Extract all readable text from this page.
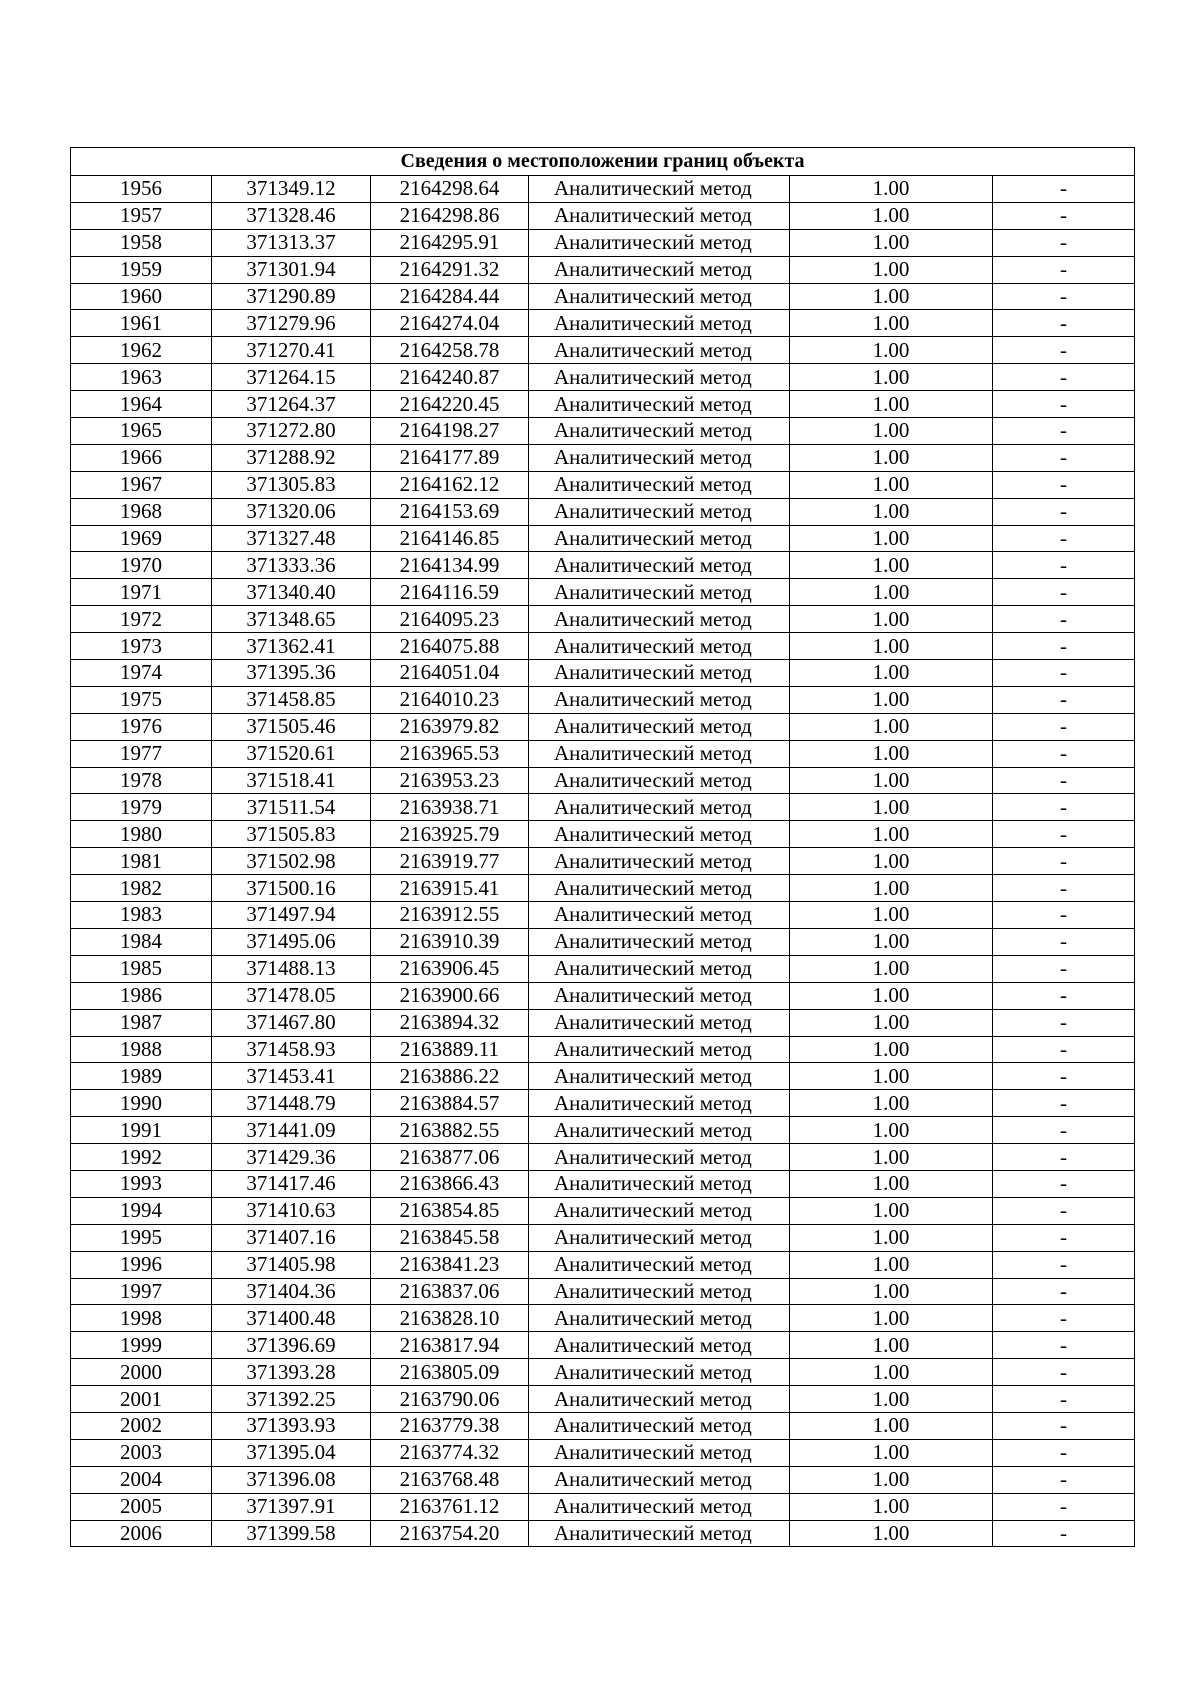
Сведения о местоположении границ объекта					
1956	371349.12	2164298.64	Аналитический метод	1.00	-
1957	371328.46	2164298.86	Аналитический метод	1.00	-
1958	371313.37	2164295.91	Аналитический метод	1.00	-
1959	371301.94	2164291.32	Аналитический метод	1.00	-
1960	371290.89	2164284.44	Аналитический метод	1.00	-
1961	371279.96	2164274.04	Аналитический метод	1.00	-
1962	371270.41	2164258.78	Аналитический метод	1.00	-
1963	371264.15	2164240.87	Аналитический метод	1.00	-
1964	371264.37	2164220.45	Аналитический метод	1.00	-
1965	371272.80	2164198.27	Аналитический метод	1.00	-
1966	371288.92	2164177.89	Аналитический метод	1.00	-
1967	371305.83	2164162.12	Аналитический метод	1.00	-
1968	371320.06	2164153.69	Аналитический метод	1.00	-
1969	371327.48	2164146.85	Аналитический метод	1.00	-
1970	371333.36	2164134.99	Аналитический метод	1.00	-
1971	371340.40	2164116.59	Аналитический метод	1.00	-
1972	371348.65	2164095.23	Аналитический метод	1.00	-
1973	371362.41	2164075.88	Аналитический метод	1.00	-
1974	371395.36	2164051.04	Аналитический метод	1.00	-
1975	371458.85	2164010.23	Аналитический метод	1.00	-
1976	371505.46	2163979.82	Аналитический метод	1.00	-
1977	371520.61	2163965.53	Аналитический метод	1.00	-
1978	371518.41	2163953.23	Аналитический метод	1.00	-
1979	371511.54	2163938.71	Аналитический метод	1.00	-
1980	371505.83	2163925.79	Аналитический метод	1.00	-
1981	371502.98	2163919.77	Аналитический метод	1.00	-
1982	371500.16	2163915.41	Аналитический метод	1.00	-
1983	371497.94	2163912.55	Аналитический метод	1.00	-
1984	371495.06	2163910.39	Аналитический метод	1.00	-
1985	371488.13	2163906.45	Аналитический метод	1.00	-
1986	371478.05	2163900.66	Аналитический метод	1.00	-
1987	371467.80	2163894.32	Аналитический метод	1.00	-
1988	371458.93	2163889.11	Аналитический метод	1.00	-
1989	371453.41	2163886.22	Аналитический метод	1.00	-
1990	371448.79	2163884.57	Аналитический метод	1.00	-
1991	371441.09	2163882.55	Аналитический метод	1.00	-
1992	371429.36	2163877.06	Аналитический метод	1.00	-
1993	371417.46	2163866.43	Аналитический метод	1.00	-
1994	371410.63	2163854.85	Аналитический метод	1.00	-
1995	371407.16	2163845.58	Аналитический метод	1.00	-
1996	371405.98	2163841.23	Аналитический метод	1.00	-
1997	371404.36	2163837.06	Аналитический метод	1.00	-
1998	371400.48	2163828.10	Аналитический метод	1.00	-
1999	371396.69	2163817.94	Аналитический метод	1.00	-
2000	371393.28	2163805.09	Аналитический метод	1.00	-
2001	371392.25	2163790.06	Аналитический метод	1.00	-
2002	371393.93	2163779.38	Аналитический метод	1.00	-
2003	371395.04	2163774.32	Аналитический метод	1.00	-
2004	371396.08	2163768.48	Аналитический метод	1.00	-
2005	371397.91	2163761.12	Аналитический метод	1.00	-
2006	371399.58	2163754.20	Аналитический метод	1.00	-
